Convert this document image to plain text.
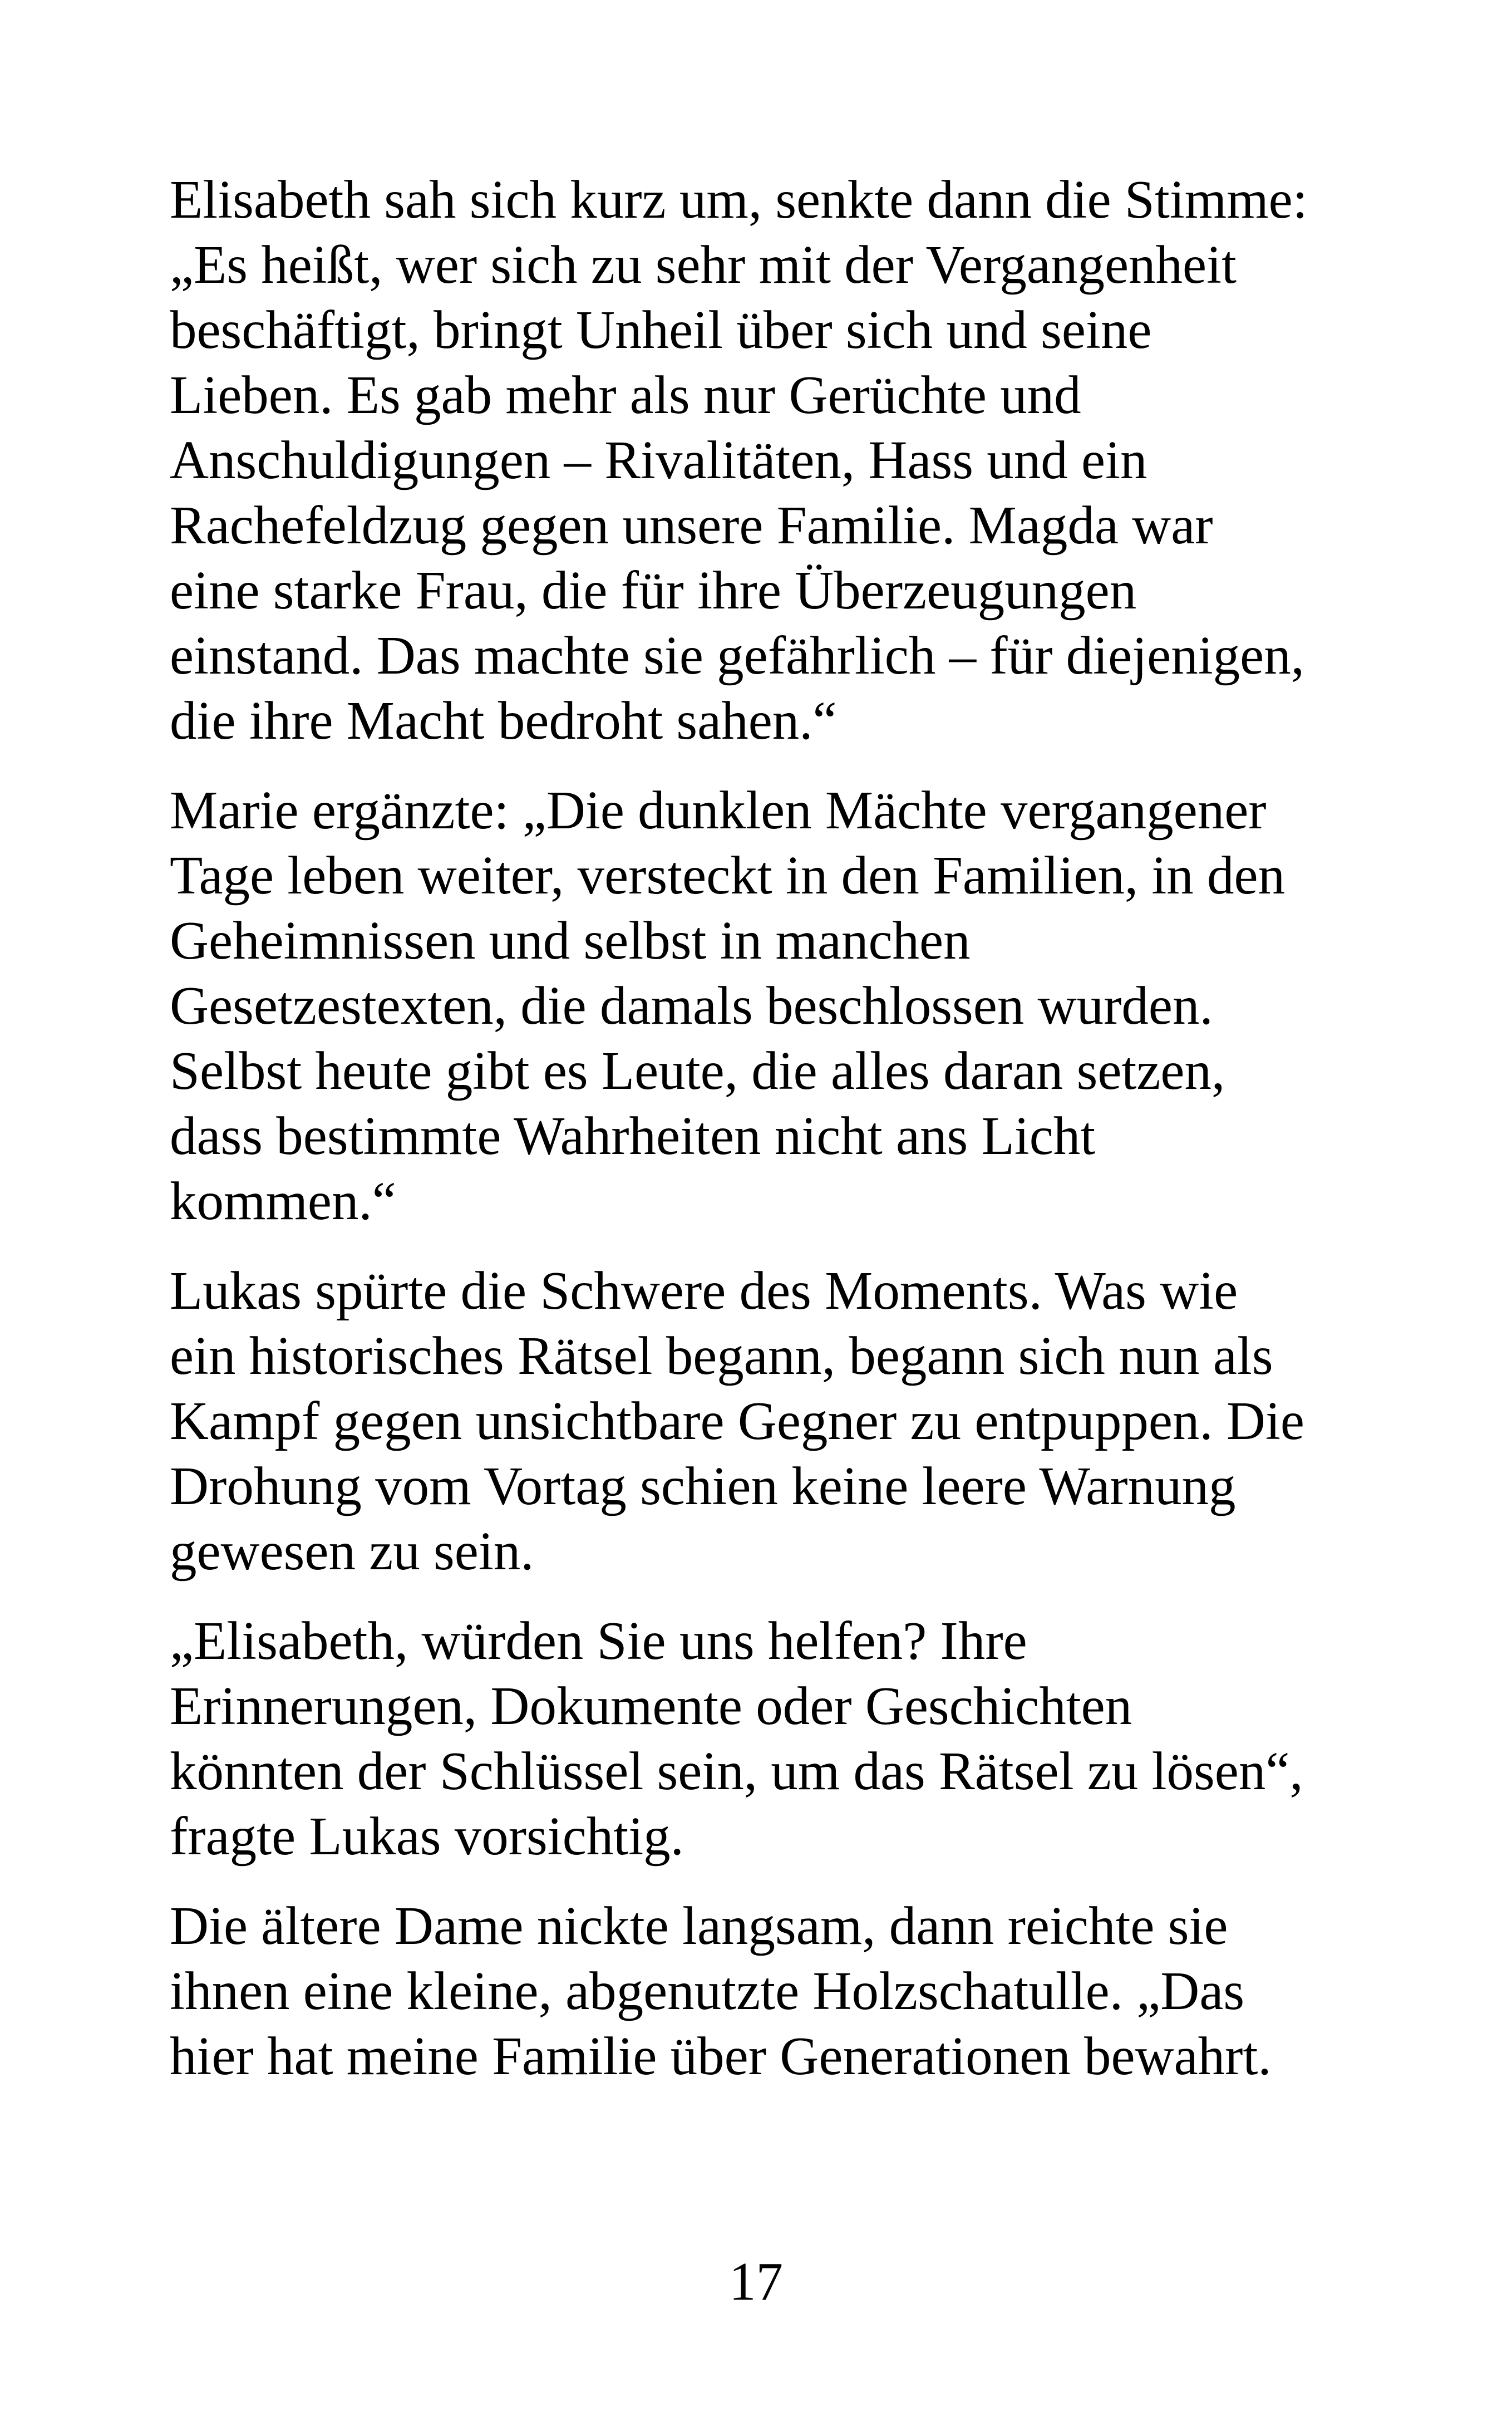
Elisabeth sah sich kurz um, senkte dann die Stimme:
„Es heißt, wer sich zu sehr mit der Vergangenheit
beschäftigt, bringt Unheil über sich und seine
Lieben. Es gab mehr als nur Gerüchte und
Anschuldigungen – Rivalitäten, Hass und ein
Rachefeldzug gegen unsere Familie. Magda war
eine starke Frau, die für ihre Überzeugungen
einstand. Das machte sie gefährlich – für diejenigen,
die ihre Macht bedroht sahen.“

Marie ergänzte: „Die dunklen Mächte vergangener
Tage leben weiter, versteckt in den Familien, in den
Geheimnissen und selbst in manchen
Gesetzestexten, die damals beschlossen wurden.
Selbst heute gibt es Leute, die alles daran setzen,
dass bestimmte Wahrheiten nicht ans Licht
kommen.“

Lukas spürte die Schwere des Moments. Was wie
ein historisches Rätsel begann, begann sich nun als
Kampf gegen unsichtbare Gegner zu entpuppen. Die
Drohung vom Vortag schien keine leere Warnung
gewesen zu sein.

„Elisabeth, würden Sie uns helfen? Ihre
Erinnerungen, Dokumente oder Geschichten
könnten der Schlüssel sein, um das Rätsel zu lösen“,
fragte Lukas vorsichtig.

Die ältere Dame nickte langsam, dann reichte sie
ihnen eine kleine, abgenutzte Holzschatulle. „Das
hier hat meine Familie über Generationen bewahrt.

17
